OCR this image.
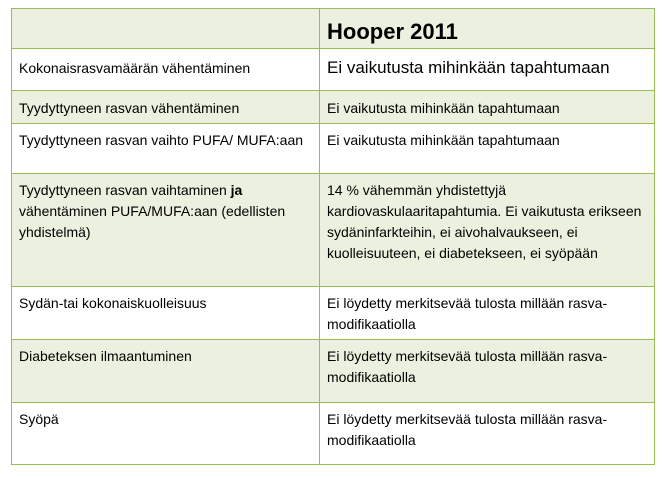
	Hooper 2011
Kokonaisrasvamäärän vähentäminen	Ei vaikutusta mihinkään tapahtumaan
Tyydyttyneen rasvan vähentäminen	Ei vaikutusta mihinkään tapahtumaan
Tyydyttyneen rasvan vaihto PUFA/ MUFA:aan	Ei vaikutusta mihinkään tapahtumaan
Tyydyttyneen rasvan vaihtaminen ja vähentäminen PUFA/MUFA:aan (edellisten yhdistelmä)	14 % vähemmän yhdistettyjä kardiovaskulaaritapahtumia. Ei vaikutusta erikseen sydäninfarkteihin, ei aivohalvaukseen, ei kuolleisuuteen, ei diabetekseen, ei syöpään
Sydän-tai kokonaiskuolleisuus	Ei löydetty merkitsevää tulosta millään rasva-modifikaatiolla
Diabeteksen ilmaantuminen	Ei löydetty merkitsevää tulosta millään rasva-modifikaatiolla
Syöpä	Ei löydetty merkitsevää tulosta millään rasva-modifikaatiolla
